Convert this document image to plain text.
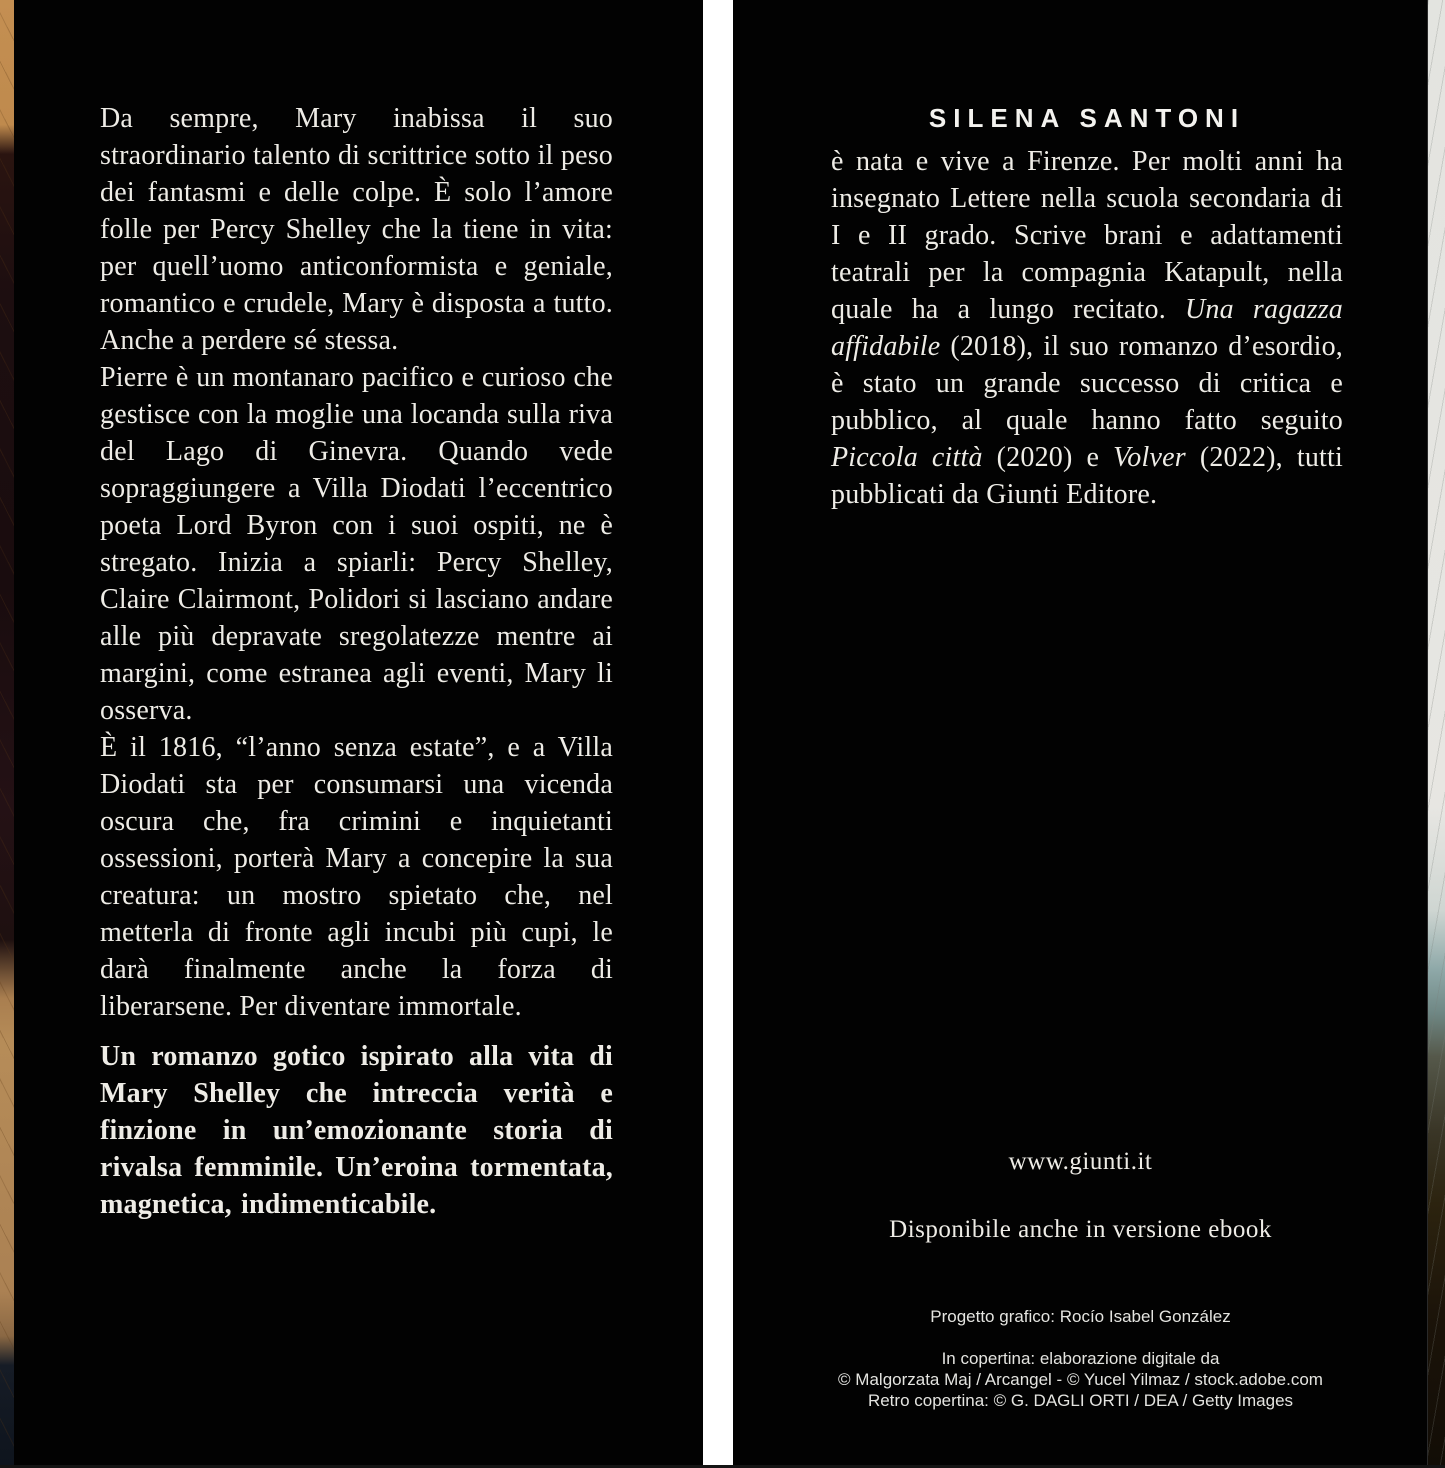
Da sempre, Mary inabissa il suo straordinario talento di scrittrice sotto il peso dei fantasmi e delle colpe. È solo l’amore folle per Percy Shelley che la tiene in vita: per quell’uomo anticonformista e geniale, romantico e crudele, Mary è disposta a tutto. Anche a perdere sé stessa.

Pierre è un montanaro pacifico e curioso che gestisce con la moglie una locanda sulla riva del Lago di Ginevra. Quando vede sopraggiungere a Villa Diodati l’eccentrico poeta Lord Byron con i suoi ospiti, ne è stregato. Inizia a spiarli: Percy Shelley, Claire Clairmont, Polidori si lasciano andare alle più depravate sregolatezze mentre ai margini, come estranea agli eventi, Mary li osserva.

È il 1816, “l’anno senza estate”, e a Villa Diodati sta per consumarsi una vicenda oscura che, fra crimini e inquietanti ossessioni, porterà Mary a concepire la sua creatura: un mostro spietato che, nel metterla di fronte agli incubi più cupi, le darà finalmente anche la forza di liberarsene. Per diventare immortale.

Un romanzo gotico ispirato alla vita di Mary Shelley che intreccia verità e finzione in un’emozionante storia di rivalsa femminile. Un’eroina tormentata, magnetica, indimenticabile.

SILENA SANTONI

è nata e vive a Firenze. Per molti anni ha insegnato Lettere nella scuola secondaria di I e II grado. Scrive brani e adattamenti teatrali per la compagnia Katapult, nella quale ha a lungo recitato. Una ragazza affidabile (2018), il suo romanzo d’esordio, è stato un grande successo di critica e pubblico, al quale hanno fatto seguito Piccola città (2020) e Volver (2022), tutti pubblicati da Giunti Editore.

www.giunti.it
Disponibile anche in versione ebook

Progetto grafico: Rocío Isabel González

In copertina: elaborazione digitale da

© Malgorzata Maj / Arcangel - © Yucel Yilmaz / stock.adobe.com

Retro copertina: © G. DAGLI ORTI / DEA / Getty Images
